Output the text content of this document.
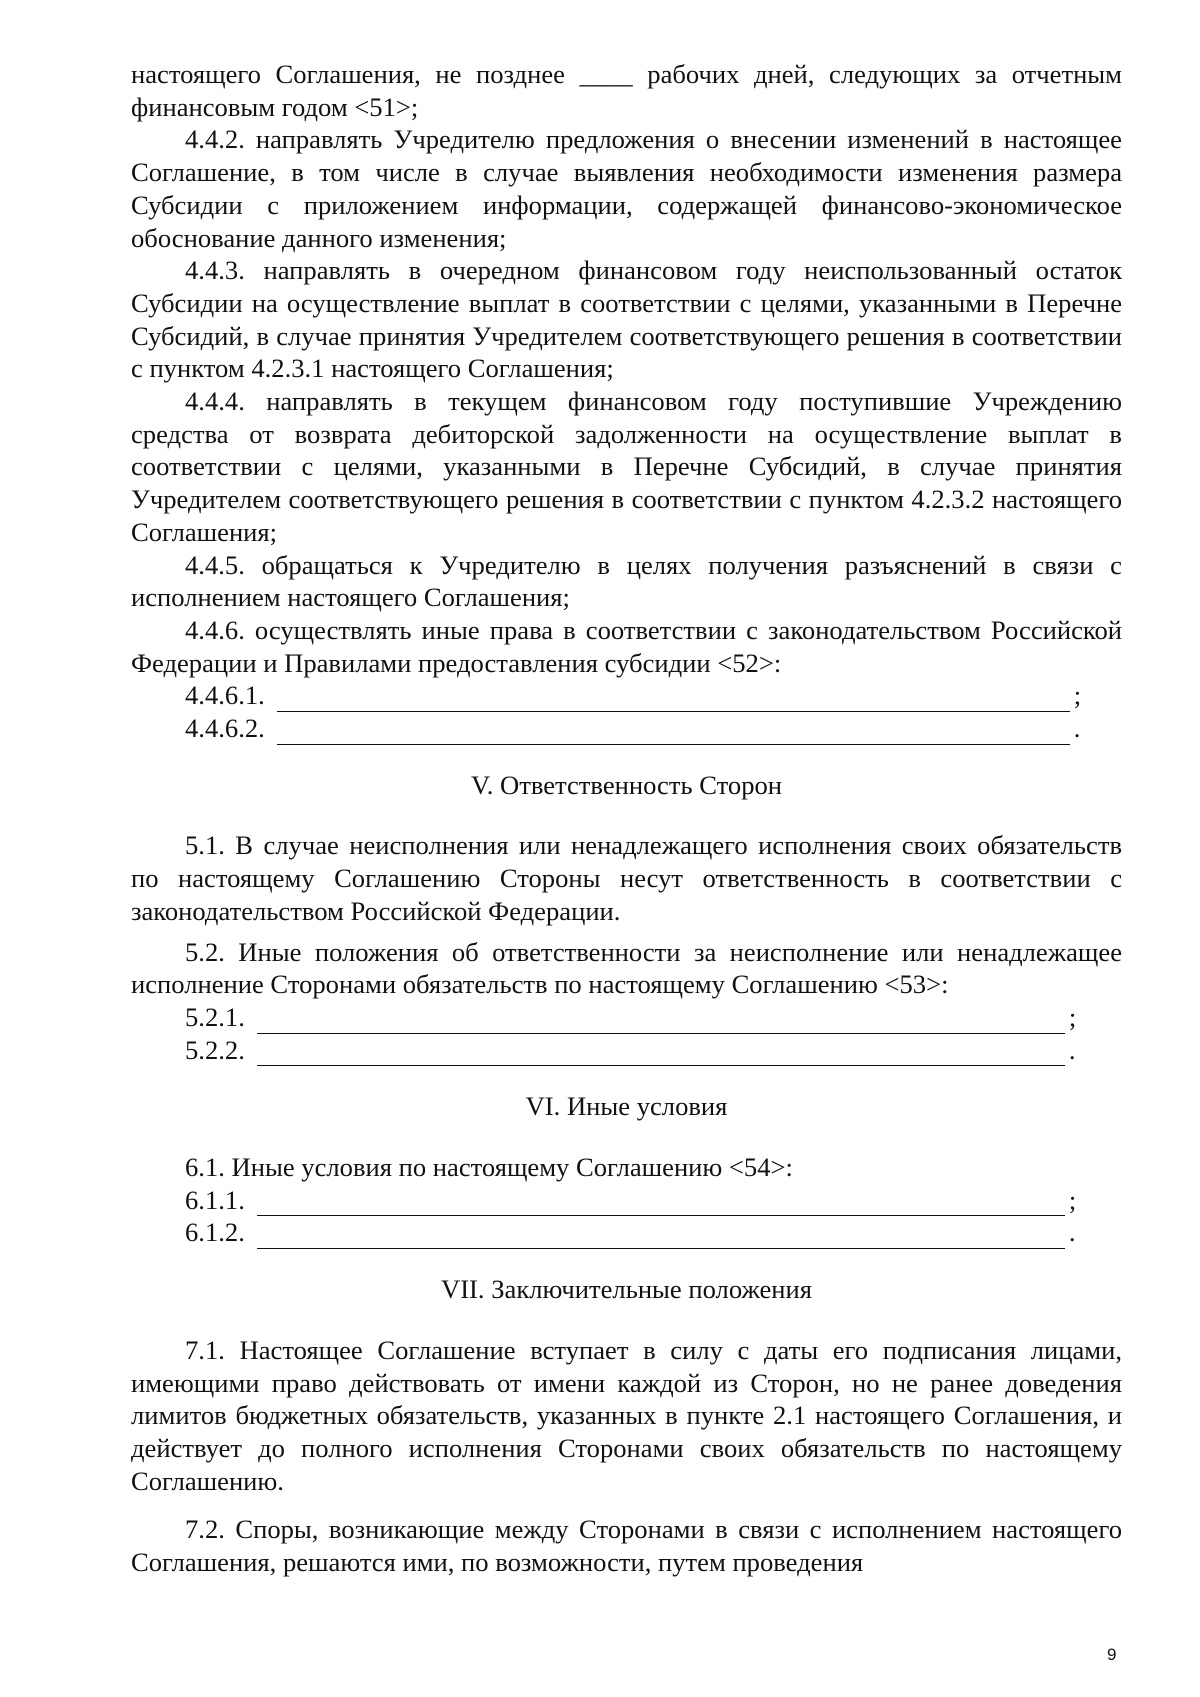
настоящего Соглашения, не позднее ____ рабочих дней, следующих за отчетным финансовым годом <51>;

4.4.2. направлять Учредителю предложения о внесении изменений в настоящее Соглашение, в том числе в случае выявления необходимости изменения размера Субсидии с приложением информации, содержащей финансово-экономическое обоснование данного изменения;

4.4.3. направлять в очередном финансовом году неиспользованный остаток Субсидии на осуществление выплат в соответствии с целями, указанными в Перечне Субсидий, в случае принятия Учредителем соответствующего решения в соответствии с пунктом 4.2.3.1 настоящего Соглашения;

4.4.4. направлять в текущем финансовом году поступившие Учреждению средства от возврата дебиторской задолженности на осуществление выплат в соответствии с целями, указанными в Перечне Субсидий, в случае принятия Учредителем соответствующего решения в соответствии с пунктом 4.2.3.2 настоящего Соглашения;

4.4.5. обращаться к Учредителю в целях получения разъяснений в связи с исполнением настоящего Соглашения;

4.4.6. осуществлять иные права в соответствии с законодательством Российской Федерации и Правилами предоставления субсидии <52>:

4.4.6.1.	;
4.4.6.2.	.
V. Ответственность Сторон

5.1. В случае неисполнения или ненадлежащего исполнения своих обязательств по настоящему Соглашению Стороны несут ответственность в соответствии с законодательством Российской Федерации.

5.2. Иные положения об ответственности за неисполнение или ненадлежащее исполнение Сторонами обязательств по настоящему Соглашению <53>:

5.2.1.	;
5.2.2.	.
VI. Иные условия

6.1. Иные условия по настоящему Соглашению <54>:

6.1.1.	;
6.1.2.	.
VII. Заключительные положения

7.1. Настоящее Соглашение вступает в силу с даты его подписания лицами, имеющими право действовать от имени каждой из Сторон, но не ранее доведения лимитов бюджетных обязательств, указанных в пункте 2.1 настоящего Соглашения, и действует до полного исполнения Сторонами своих обязательств по настоящему Соглашению.

7.2. Споры, возникающие между Сторонами в связи с исполнением настоящего Соглашения, решаются ими, по возможности, путем проведения

9
